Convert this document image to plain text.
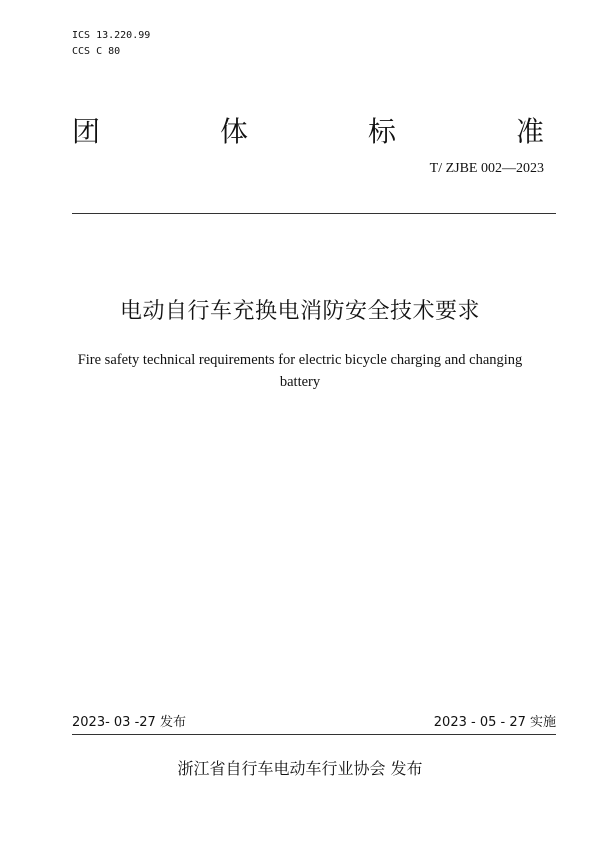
ICS 13.220.99
CCS C 80
团	体	标	准
T/ ZJBE 002—2023
电动自行车充换电消防安全技术要求
Fire safety technical requirements for electric bicycle charging and changing
battery
2023- 03 -27 发布	2023 - 05 - 27 实施
浙江省自行车电动车行业协会 发布
